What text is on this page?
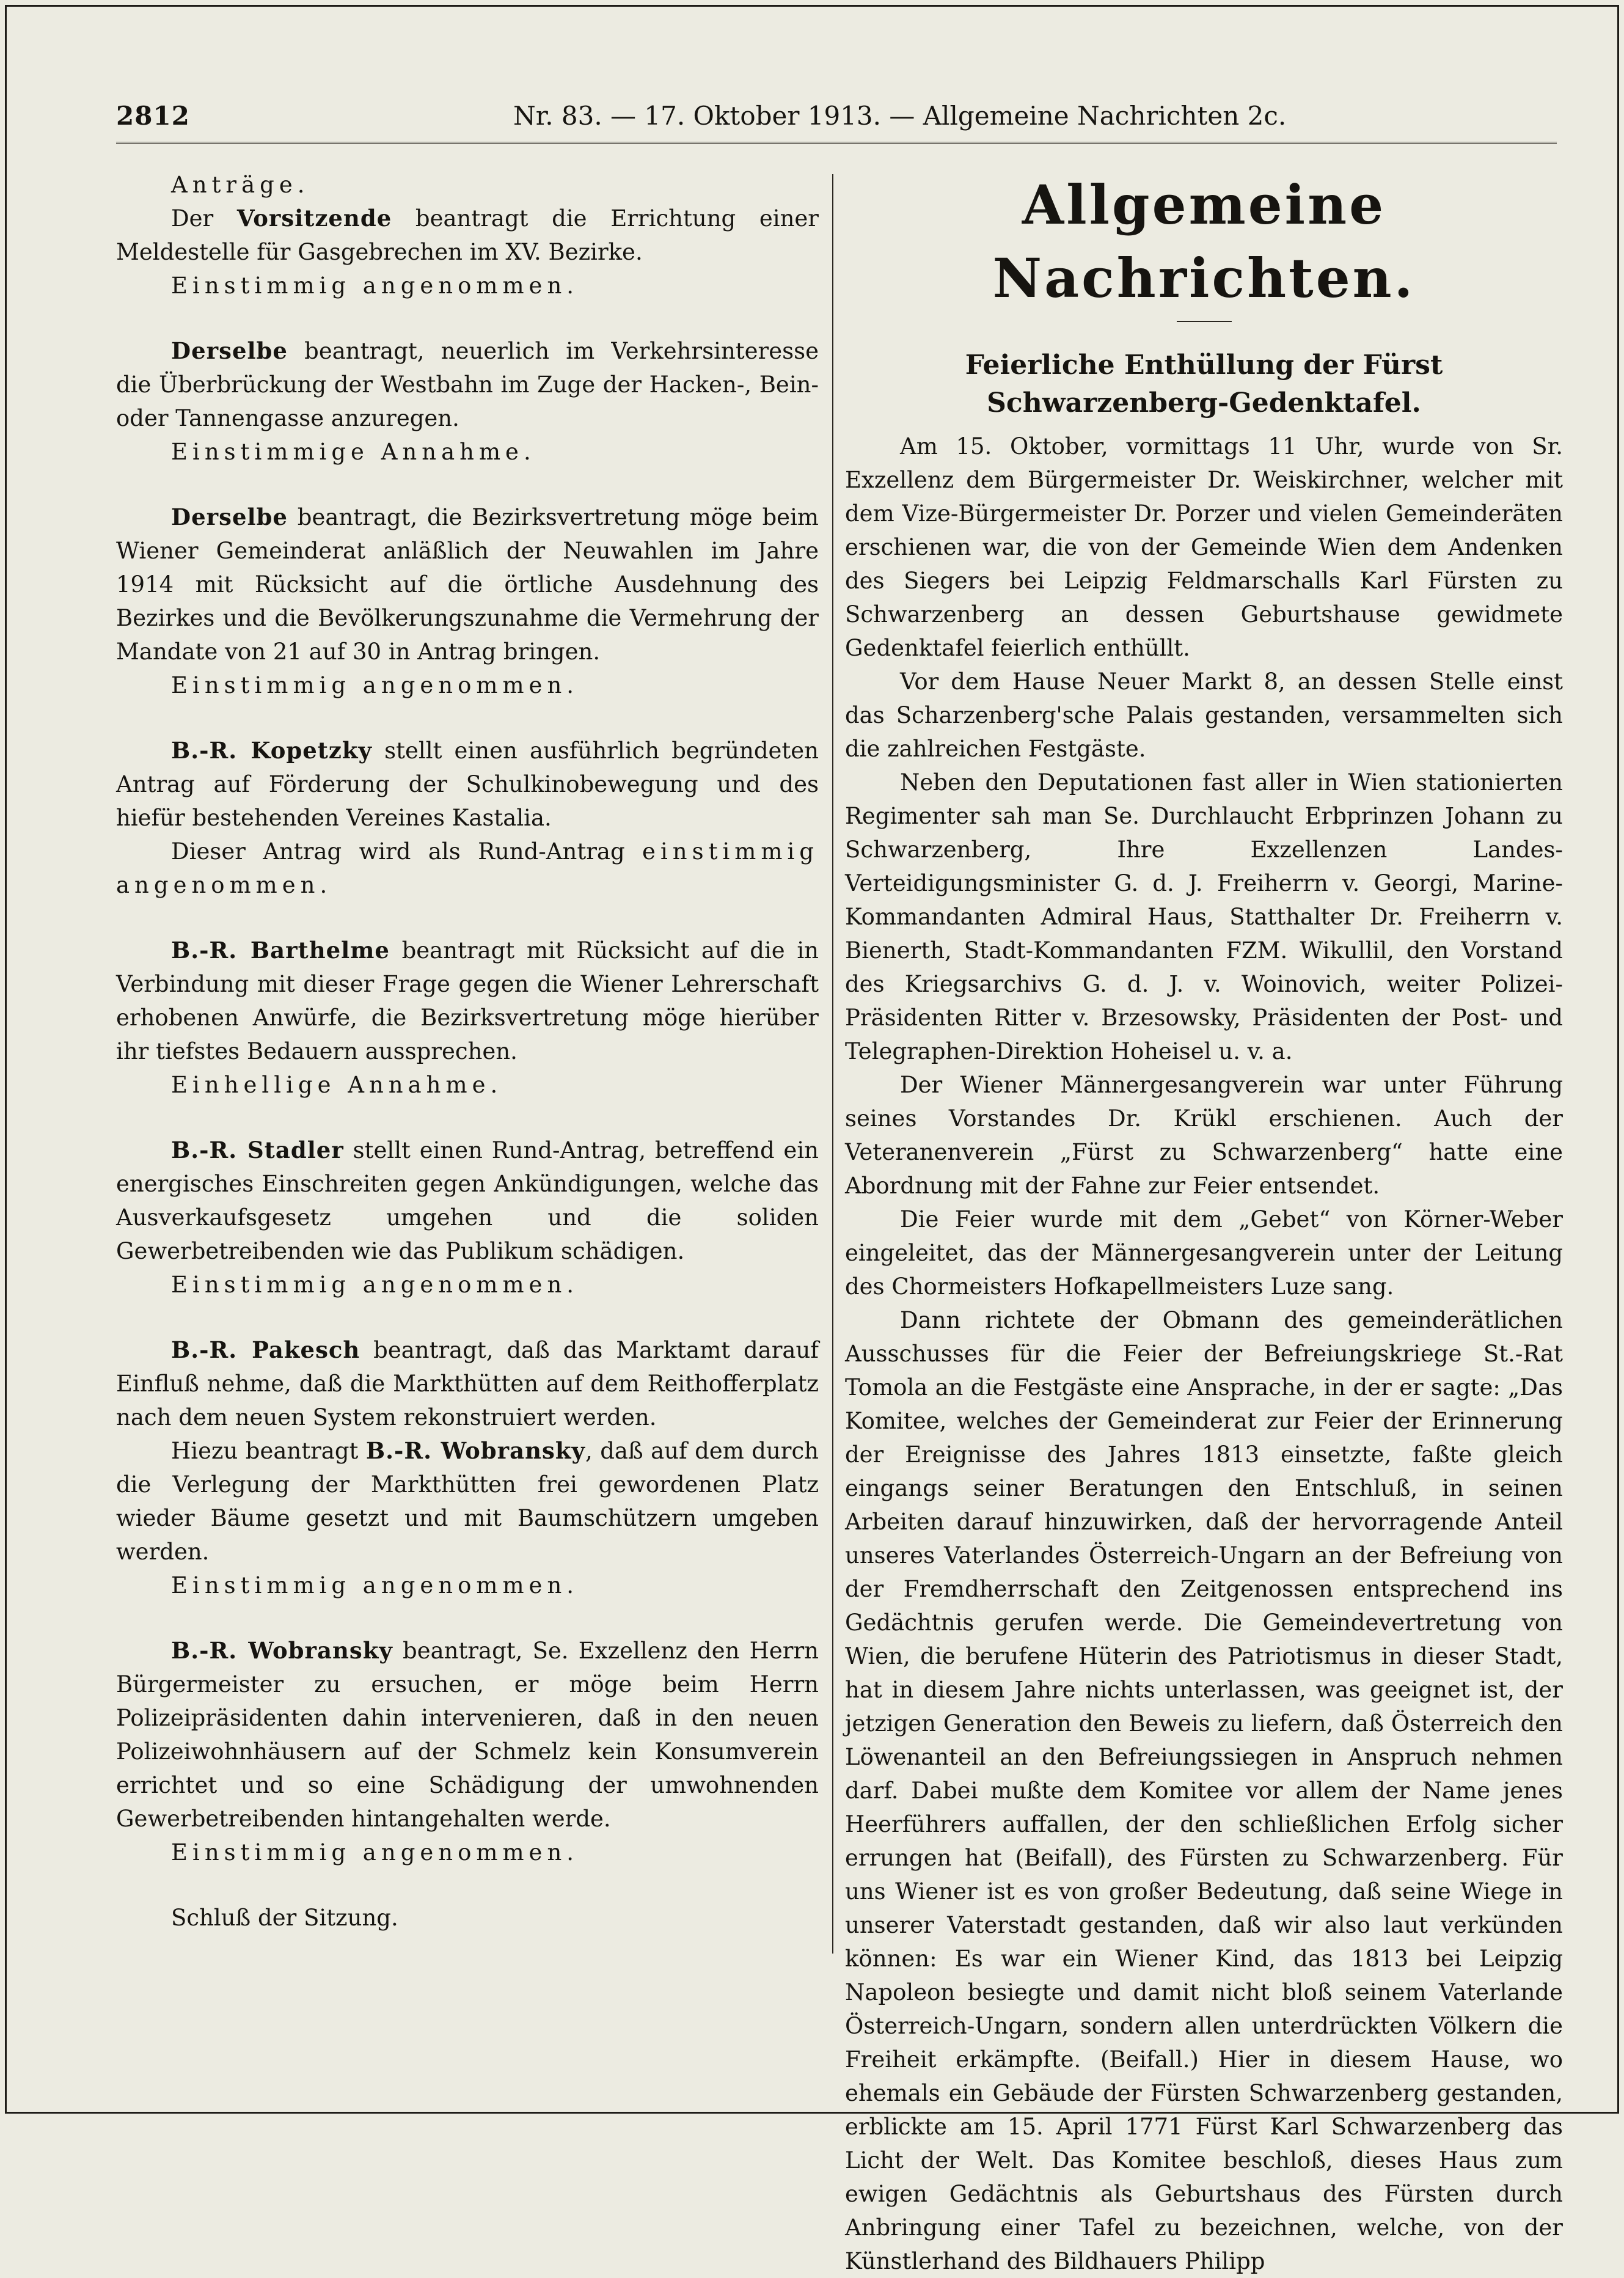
2812	Nr. 83. — 17. Oktober 1913. — Allgemeine Nachrichten 2c.

Anträge.

Der Vorsitzende beantragt die Errichtung einer Meldestelle für Gasgebrechen im XV. Bezirke.

Einstimmig angenommen.

Derselbe beantragt, neuerlich im Verkehrsinteresse die Überbrückung der Westbahn im Zuge der Hacken-, Bein- oder Tannengasse anzuregen.

Einstimmige Annahme.

Derselbe beantragt, die Bezirksvertretung möge beim Wiener Gemeinderat anläßlich der Neuwahlen im Jahre 1914 mit Rücksicht auf die örtliche Ausdehnung des Bezirkes und die Bevölkerungszunahme die Vermehrung der Mandate von 21 auf 30 in Antrag bringen.

Einstimmig angenommen.

B.-R. Kopetzky stellt einen ausführlich begründeten Antrag auf Förderung der Schulkinobewegung und des hiefür bestehenden Vereines Kastalia.

Dieser Antrag wird als Rund-Antrag einstimmig angenommen.

B.-R. Barthelme beantragt mit Rücksicht auf die in Verbindung mit dieser Frage gegen die Wiener Lehrerschaft erhobenen Anwürfe, die Bezirksvertretung möge hierüber ihr tiefstes Bedauern aussprechen.

Einhellige Annahme.

B.-R. Stadler stellt einen Rund-Antrag, betreffend ein energisches Einschreiten gegen Ankündigungen, welche das Ausverkaufsgesetz umgehen und die soliden Gewerbetreibenden wie das Publikum schädigen.

Einstimmig angenommen.

B.-R. Pakesch beantragt, daß das Marktamt darauf Einfluß nehme, daß die Markthütten auf dem Reithofferplatz nach dem neuen System rekonstruiert werden.

Hiezu beantragt B.-R. Wobransky, daß auf dem durch die Verlegung der Markthütten frei gewordenen Platz wieder Bäume gesetzt und mit Baumschützern umgeben werden.

Einstimmig angenommen.

B.-R. Wobransky beantragt, Se. Exzellenz den Herrn Bürgermeister zu ersuchen, er möge beim Herrn Polizeipräsidenten dahin intervenieren, daß in den neuen Polizeiwohnhäusern auf der Schmelz kein Konsumverein errichtet und so eine Schädigung der umwohnenden Gewerbetreibenden hintangehalten werde.

Einstimmig angenommen.

Schluß der Sitzung.

Allgemeine Nachrichten.
Feierliche Enthüllung der Fürst Schwarzenberg-Gedenktafel.

Am 15. Oktober, vormittags 11 Uhr, wurde von Sr. Exzellenz dem Bürgermeister Dr. Weiskirchner, welcher mit dem Vize-Bürgermeister Dr. Porzer und vielen Gemeinderäten erschienen war, die von der Gemeinde Wien dem Andenken des Siegers bei Leipzig Feldmarschalls Karl Fürsten zu Schwarzenberg an dessen Geburtshause gewidmete Gedenktafel feierlich enthüllt.

Vor dem Hause Neuer Markt 8, an dessen Stelle einst das Scharzenberg'sche Palais gestanden, versammelten sich die zahlreichen Festgäste.

Neben den Deputationen fast aller in Wien stationierten Regimenter sah man Se. Durchlaucht Erbprinzen Johann zu Schwarzenberg, Ihre Exzellenzen Landes-Verteidigungsminister G. d. J. Freiherrn v. Georgi, Marine-Kommandanten Admiral Haus, Statthalter Dr. Freiherrn v. Bienerth, Stadt-Kommandanten FZM. Wikullil, den Vorstand des Kriegsarchivs G. d. J. v. Woinovich, weiter Polizei-Präsidenten Ritter v. Brzesowsky, Präsidenten der Post- und Telegraphen-Direktion Hoheisel u. v. a.

Der Wiener Männergesangverein war unter Führung seines Vorstandes Dr. Krükl erschienen. Auch der Veteranenverein „Fürst zu Schwarzenberg“ hatte eine Abordnung mit der Fahne zur Feier entsendet.

Die Feier wurde mit dem „Gebet“ von Körner-Weber eingeleitet, das der Männergesangverein unter der Leitung des Chormeisters Hofkapellmeisters Luze sang.

Dann richtete der Obmann des gemeinderätlichen Ausschusses für die Feier der Befreiungskriege St.-Rat Tomola an die Festgäste eine Ansprache, in der er sagte: „Das Komitee, welches der Gemeinderat zur Feier der Erinnerung der Ereignisse des Jahres 1813 einsetzte, faßte gleich eingangs seiner Beratungen den Entschluß, in seinen Arbeiten darauf hinzuwirken, daß der hervorragende Anteil unseres Vaterlandes Österreich-Ungarn an der Befreiung von der Fremdherrschaft den Zeitgenossen entsprechend ins Gedächtnis gerufen werde. Die Gemeindevertretung von Wien, die berufene Hüterin des Patriotismus in dieser Stadt, hat in diesem Jahre nichts unterlassen, was geeignet ist, der jetzigen Generation den Beweis zu liefern, daß Österreich den Löwenanteil an den Befreiungssiegen in Anspruch nehmen darf. Dabei mußte dem Komitee vor allem der Name jenes Heerführers auffallen, der den schließlichen Erfolg sicher errungen hat (Beifall), des Fürsten zu Schwarzenberg. Für uns Wiener ist es von großer Bedeutung, daß seine Wiege in unserer Vaterstadt gestanden, daß wir also laut verkünden können: Es war ein Wiener Kind, das 1813 bei Leipzig Napoleon besiegte und damit nicht bloß seinem Vaterlande Österreich-Ungarn, sondern allen unterdrückten Völkern die Freiheit erkämpfte. (Beifall.) Hier in diesem Hause, wo ehemals ein Gebäude der Fürsten Schwarzenberg gestanden, erblickte am 15. April 1771 Fürst Karl Schwarzenberg das Licht der Welt. Das Komitee beschloß, dieses Haus zum ewigen Gedächtnis als Geburtshaus des Fürsten durch Anbringung einer Tafel zu bezeichnen, welche, von der Künstlerhand des Bildhauers Philipp
